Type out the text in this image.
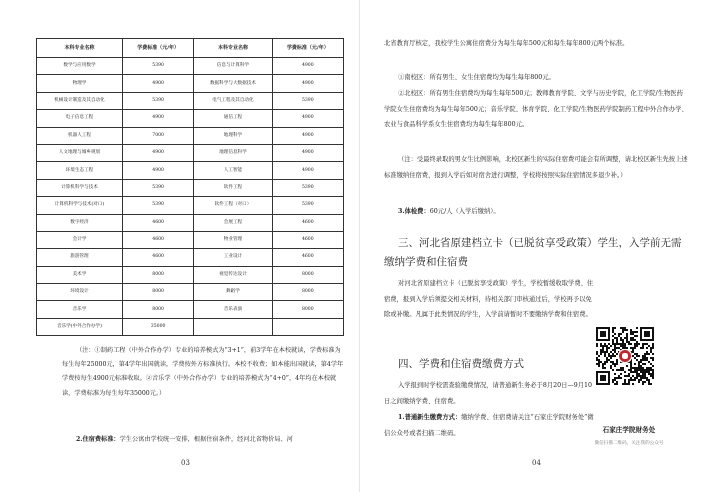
本科专业名称	学费标准（元/年）	本科专业名称	学费标准（元/年）
数学与应用数学	5390	信息与计算科学	4900
物理学	4900	数据科学与大数据技术	4900
机械设计制造及其自动化	5390	电气工程及其自动化	5390
电子信息工程	4900	通信工程	4900
机器人工程	7000	地理科学	4900
人文地理与城乡规划	4900	地理信息科学	4900
环境生态工程	4900	人工智能	4900
计算机科学与技术	5390	软件工程	5390
计算机科学与技术(对口)	5390	软件工程（对口）	5390
数字经济	4600	会展工程	4600
会计学	4600	物业管理	4600
旅游管理	4600	工业设计	4600
美术学	8000	视觉传达设计	8000
环境设计	8000	舞蹈学	8000
音乐学	8000	音乐表演	8000
音乐学(中外合作办学)	35000		

（注：①制药工程（中外合作办学）专业的培养模式为“3+1”，前3学年在本校就读，学费标准为每生每年25000元，第4学年出国就读，学费按外方标准执行。本校不收费；如本能出国就读，第4学年学费按每生4900元标准收取。②音乐学（中外合作办学）专业的培养模式为“4+0”，4年均在本校就读，学费标准为每生每年35000元。）

2.住宿费标准：学生公寓由学校统一安排，根据住宿条件，经河北省物价局、河

03

北省教育厅核定，我校学生公寓住宿费分为每生每年500元和每生每年800元两个标准。

①南校区：所有男生、女生住宿费均为每生每年800元。

②北校区：所有男生住宿费均为每生每年500元；教师教育学院、文学与历史学院，化工学院/生物医药学院女生住宿费均为每生每年500元；音乐学院、体育学院、化工学院/生物医药学院制药工程中外合作办学、农业与食品科学系女生住宿费均为每生每年800元。

（注：受最终录取的男女生比例影响，北校区新生的实际住宿费可能会有所调整，请北校区新生先按上述标准缴纳住宿费，报到入学后如对宿舍进行调整，学校将按照实际住宿情况多退少补。）

3.体检费：60元/人（入学后缴纳）。

三、河北省原建档立卡（已脱贫享受政策）学生，入学前无需缴纳学费和住宿费

对河北省原建档立卡（已脱贫享受政策）学生，学校暂缓收取学费、住宿费，报到入学后须提交相关材料，待相关部门审核通过后，学校再予以免除或补缴。凡属于此类情况的学生，入学前请暂时不要缴纳学费和住宿费。

四、学费和住宿费缴费方式

入学报到时学校需查验缴费情况，请普通新生务必于8月20日—9月10日之间缴纳学费、住宿费。

1.普通新生缴费方式：缴纳学费、住宿费请关注“石家庄学院财务处”微信公众号或者扫描二维码。	石家庄学院财务处
微信扫描二维码，关注我的公众号
04
